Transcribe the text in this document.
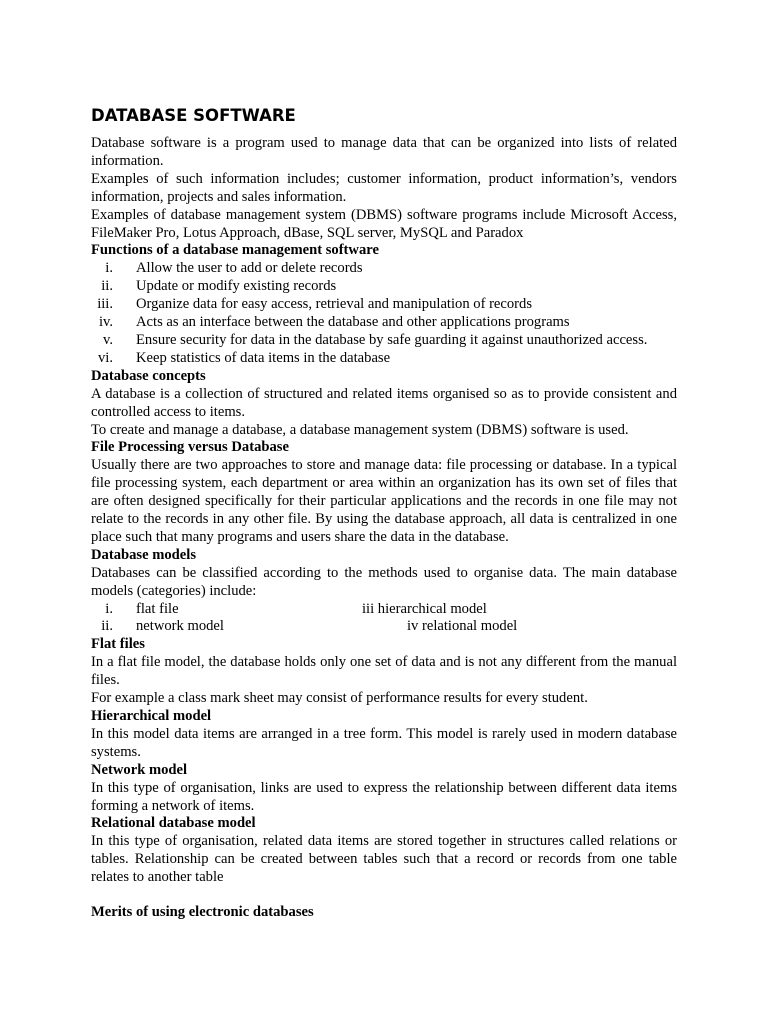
DATABASE SOFTWARE

Database software is a program used to manage data that can be organized into lists of related information.

Examples of such information includes; customer information, product information’s, vendors information, projects and sales information.

Examples of database management system (DBMS) software programs include Microsoft Access, FileMaker Pro, Lotus Approach, dBase, SQL server, MySQL and Paradox

Functions of a database management software
i. Allow the user to add or delete records
ii. Update or modify existing records
iii. Organize data for easy access, retrieval and manipulation of records
iv. Acts as an interface between the database and other applications programs
v. Ensure security for data in the database by safe guarding it against unauthorized access.
vi. Keep statistics of data items in the database
Database concepts

A database is a collection of structured and related items organised so as to provide consistent and controlled access to items.

To create and manage a database, a database management system (DBMS) software is used.

File Processing versus Database

Usually there are two approaches to store and manage data: file processing or database. In a typical file processing system, each department or area within an organization has its own set of files that are often designed specifically for their particular applications and the records in one file may not relate to the records in any other file. By using the database approach, all data is centralized in one place such that many programs and users share the data in the database.

Database models

Databases can be classified according to the methods used to organise data. The main database models (categories) include:

i. flat file	iii hierarchical model
ii. network model	iv relational model
Flat files

In a flat file model, the database holds only one set of data and is not any different from the manual files.

For example a class mark sheet may consist of performance results for every student.

Hierarchical model

In this model data items are arranged in a tree form. This model is rarely used in modern database systems.

Network model

In this type of organisation, links are used to express the relationship between different data items forming a network of items.

Relational database model

In this type of organisation, related data items are stored together in structures called relations or tables. Relationship can be created between tables such that a record or records from one table relates to another table

Merits of using electronic databases
